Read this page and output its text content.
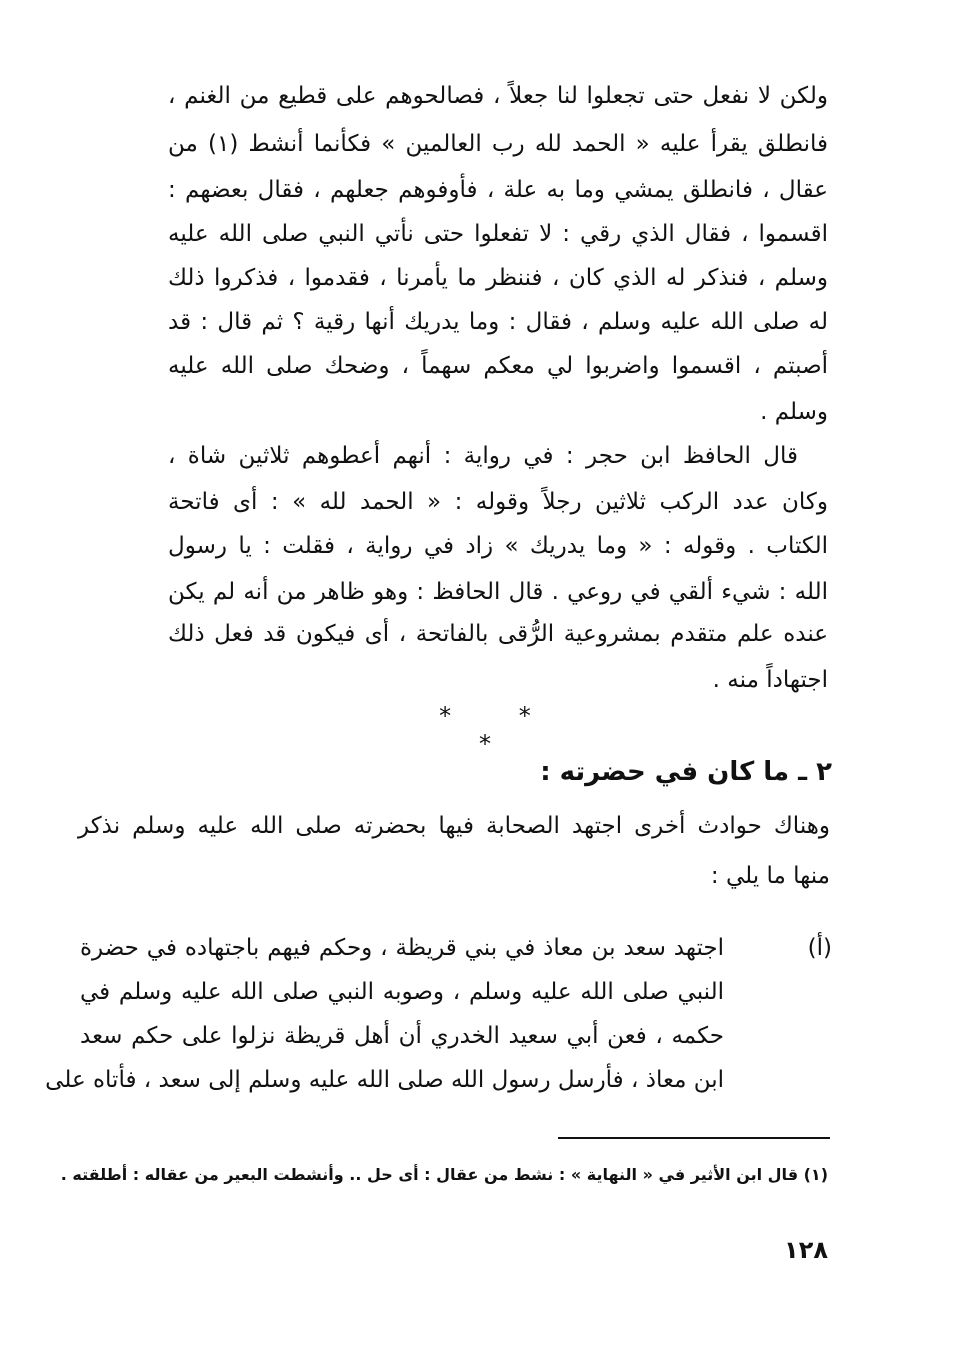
ولكن لا نفعل حتى تجعلوا لنا جعلاً ، فصالحوهم على قطيع من الغنم ،
فانطلق يقرأ عليه « الحمد لله رب العالمين » فكأنما أنشط (١) من
عقال ، فانطلق يمشي وما به علة ، فأوفوهم جعلهم ، فقال بعضهم :
اقسموا ، فقال الذي رقي : لا تفعلوا حتى نأتي النبي صلى الله عليه
وسلم ، فنذكر له الذي كان ، فننظر ما يأمرنا ، فقدموا ، فذكروا ذلك
له صلى الله عليه وسلم ، فقال : وما يدريك أنها رقية ؟ ثم قال : قد
أصبتم ، اقسموا واضربوا لي معكم سهماً ، وضحك صلى الله عليه
وسلم .
قال الحافظ ابن حجر : في رواية : أنهم أعطوهم ثلاثين شاة ،
وكان عدد الركب ثلاثين رجلاً وقوله : « الحمد لله » : أى فاتحة
الكتاب . وقوله : « وما يدريك » زاد في رواية ، فقلت : يا رسول
الله : شيء ألقي في روعي . قال الحافظ : وهو ظاهر من أنه لم يكن
عنده علم متقدم بمشروعية الرُّقى بالفاتحة ، أى فيكون قد فعل ذلك
اجتهاداً منه .
* * *
٢ ـ ما كان في حضرته :
وهناك حوادث أخرى اجتهد الصحابة فيها بحضرته صلى الله عليه وسلم نذكر
منها ما يلي :
(أ)
اجتهد سعد بن معاذ في بني قريظة ، وحكم فيهم باجتهاده في حضرة
النبي صلى الله عليه وسلم ، وصوبه النبي صلى الله عليه وسلم في
حكمه ، فعن أبي سعيد الخدري أن أهل قريظة نزلوا على حكم سعد
ابن معاذ ، فأرسل رسول الله صلى الله عليه وسلم إلى سعد ، فأتاه على
(١) قال ابن الأثير في « النهاية » : نشط من عقال : أى حل .. وأنشطت البعير من عقاله : أطلقته .
١٢٨
